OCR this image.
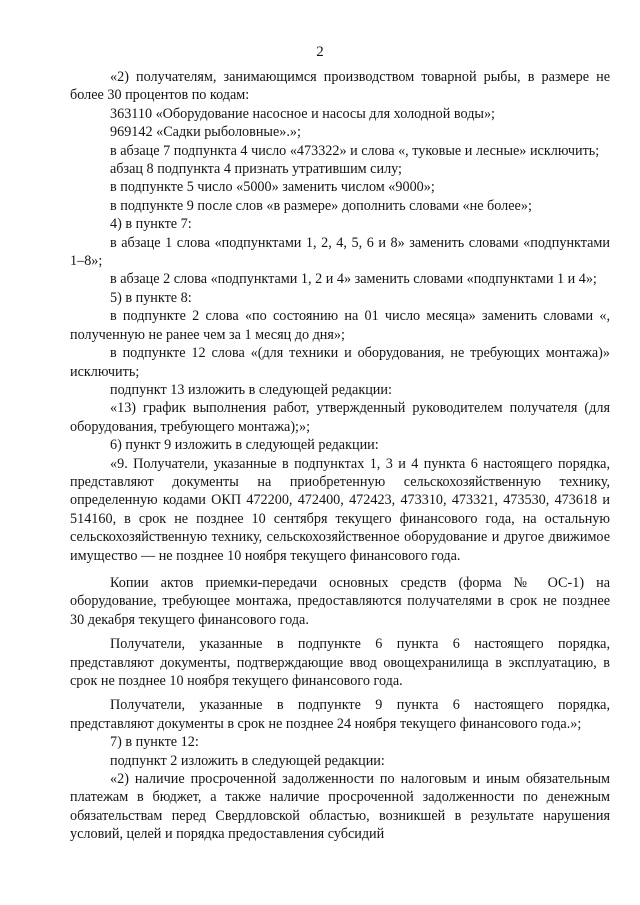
2

«2) получателям, занимающимся производством товарной рыбы, в размере не более 30 процентов по кодам:

363110 «Оборудование насосное и насосы для холодной воды»;

969142 «Садки рыболовные».»;

в абзаце 7 подпункта 4 число «473322» и слова «, туковые и лесные» исключить;

абзац 8 подпункта 4 признать утратившим силу;

в подпункте 5 число «5000» заменить числом «9000»;

в подпункте 9 после слов «в размере» дополнить словами «не более»;

4) в пункте 7:

в абзаце 1 слова «подпунктами 1, 2, 4, 5, 6 и 8» заменить словами «подпунктами 1–8»;

в абзаце 2 слова «подпунктами 1, 2 и 4» заменить словами «подпунктами 1 и 4»;

5) в пункте 8:

в подпункте 2 слова «по состоянию на 01 число месяца» заменить словами «, полученную не ранее чем за 1 месяц до дня»;

в подпункте 12 слова «(для техники и оборудования, не требующих монтажа)» исключить;

подпункт 13 изложить в следующей редакции:

«13) график выполнения работ, утвержденный руководителем получателя (для оборудования, требующего монтажа);»;

6) пункт 9 изложить в следующей редакции:

«9. Получатели, указанные в подпунктах 1, 3 и 4 пункта 6 настоящего порядка, представляют документы на приобретенную сельскохозяйственную технику, определенную кодами ОКП 472200, 472400, 472423, 473310, 473321, 473530, 473618 и 514160, в срок не позднее 10 сентября текущего финансового года, на остальную сельскохозяйственную технику, сельскохозяйственное оборудование и другое движимое имущество — не позднее 10 ноября текущего финансового года.

Копии актов приемки-передачи основных средств (форма № ОС-1) на оборудование, требующее монтажа, предоставляются получателями в срок не позднее 30 декабря текущего финансового года.

Получатели, указанные в подпункте 6 пункта 6 настоящего порядка, представляют документы, подтверждающие ввод овощехранилища в эксплуатацию, в срок не позднее 10 ноября текущего финансового года.

Получатели, указанные в подпункте 9 пункта 6 настоящего порядка, представляют документы в срок не позднее 24 ноября текущего финансового года.»;

7) в пункте 12:

подпункт 2 изложить в следующей редакции:

«2) наличие просроченной задолженности по налоговым и иным обязательным платежам в бюджет, а также наличие просроченной задолженности по денежным обязательствам перед Свердловской областью, возникшей в результате нарушения условий, целей и порядка предоставления субсидий
